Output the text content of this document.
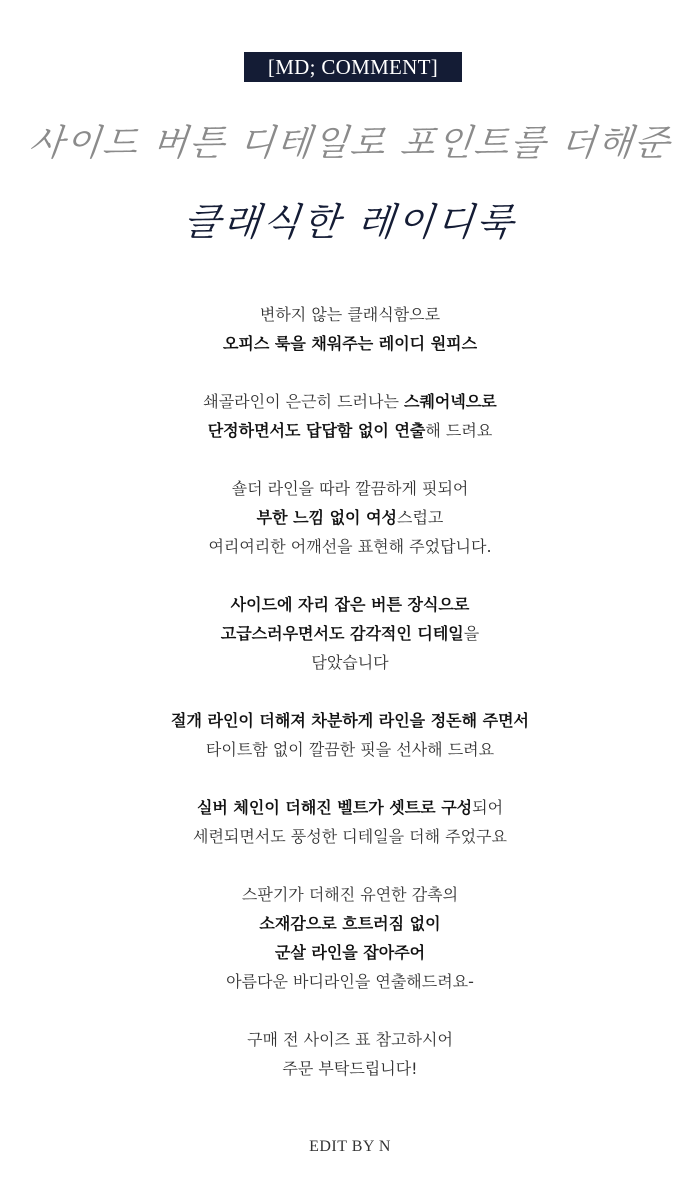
[MD; COMMENT]
사이드 버튼 디테일로 포인트를 더해준
클래식한 레이디룩
변하지 않는 클래식함으로
오피스 룩을 채워주는 레이디 원피스
쇄골라인이 은근히 드러나는 스퀘어넥으로
단정하면서도 답답함 없이 연출해 드려요
숄더 라인을 따라 깔끔하게 핏되어
부한 느낌 없이 여성스럽고
여리여리한 어깨선을 표현해 주었답니다.
사이드에 자리 잡은 버튼 장식으로
고급스러우면서도 감각적인 디테일을
담았습니다
절개 라인이 더해져 차분하게 라인을 정돈해 주면서
타이트함 없이 깔끔한 핏을 선사해 드려요
실버 체인이 더해진 벨트가 셋트로 구성되어
세련되면서도 풍성한 디테일을 더해 주었구요
스판기가 더해진 유연한 감촉의
소재감으로 흐트러짐 없이
군살 라인을 잡아주어
아름다운 바디라인을 연출해드려요-
구매 전 사이즈 표 참고하시어
주문 부탁드립니다!
EDIT BY N
